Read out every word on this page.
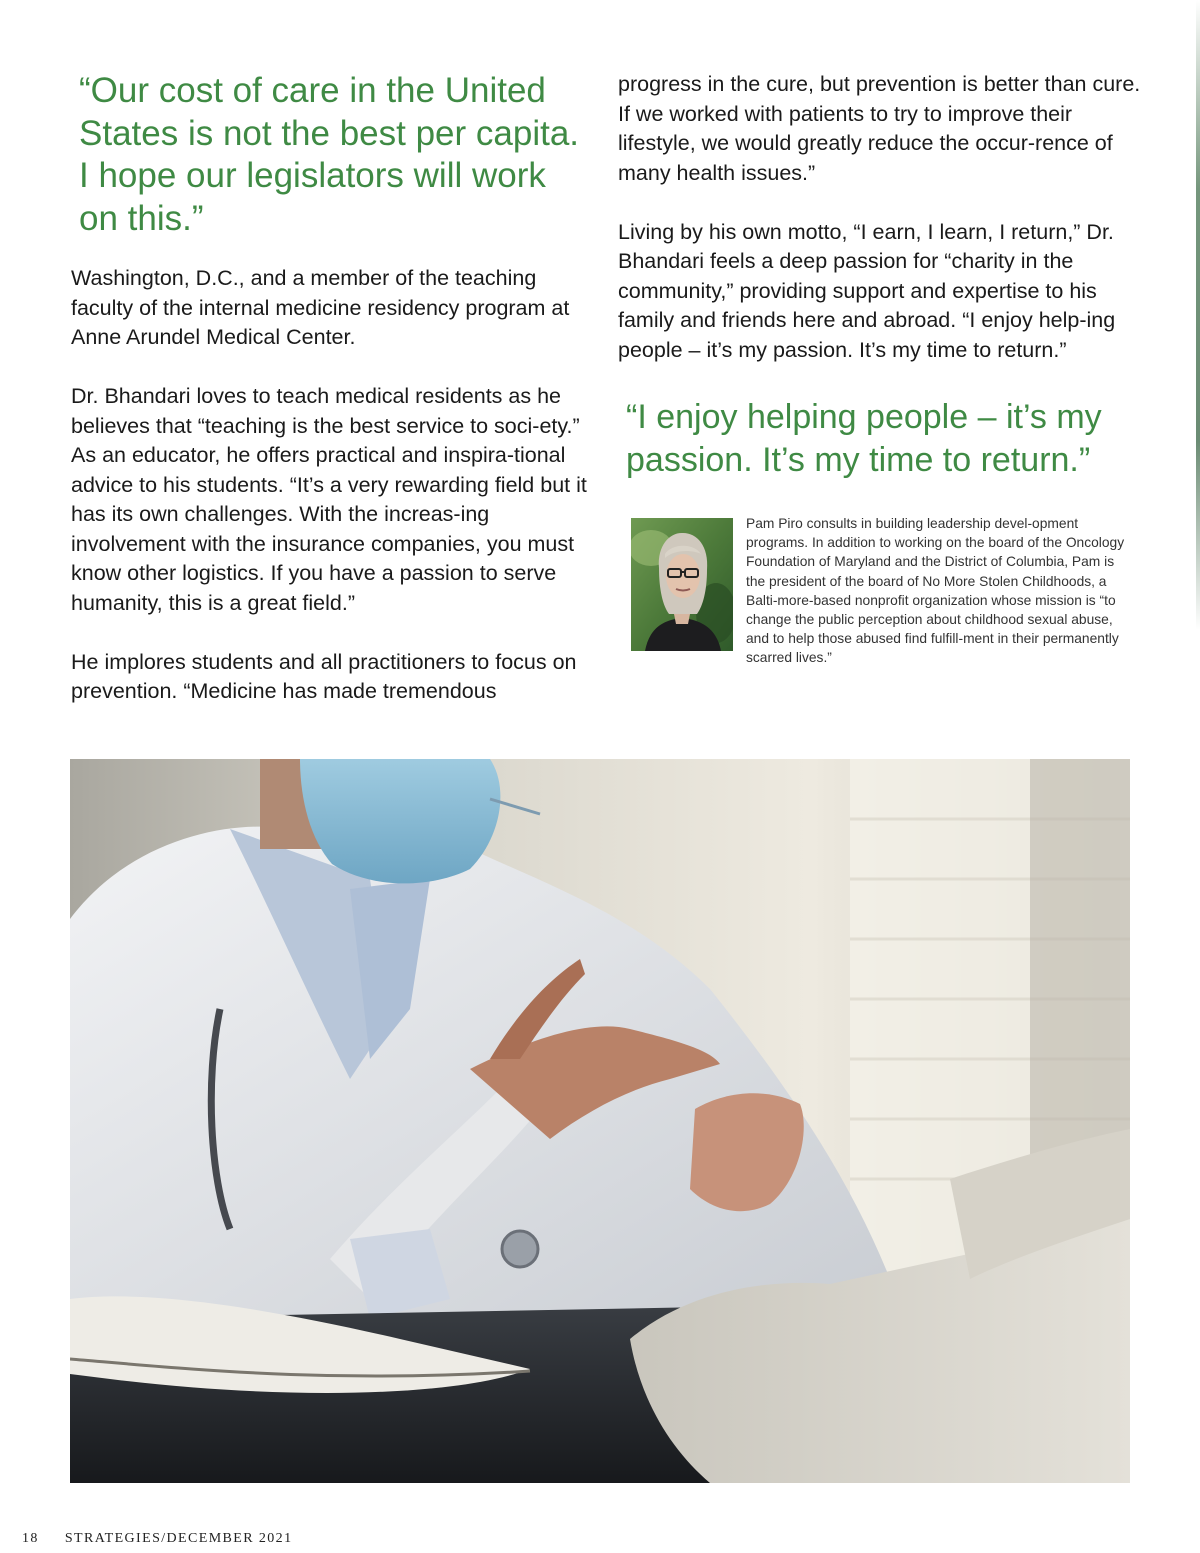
“Our cost of care in the United States is not the best per capita. I hope our legislators will work on this.”

Washington, D.C., and a member of the teaching faculty of the internal medicine residency program at Anne Arundel Medical Center.

Dr. Bhandari loves to teach medical residents as he believes that “teaching is the best service to soci-ety.” As an educator, he offers practical and inspira-tional advice to his students. “It’s a very rewarding field but it has its own challenges. With the increas-ing involvement with the insurance companies, you must know other logistics. If you have a passion to serve humanity, this is a great field.”

He implores students and all practitioners to focus on prevention. “Medicine has made tremendous

progress in the cure, but prevention is better than cure. If we worked with patients to try to improve their lifestyle, we would greatly reduce the occur-rence of many health issues.”

Living by his own motto, “I earn, I learn, I return,” Dr. Bhandari feels a deep passion for “charity in the community,” providing support and expertise to his family and friends here and abroad. “I enjoy help-ing people – it’s my passion. It’s my time to return.”

“I enjoy helping people – it’s my passion. It’s my time to return.”

Pam Piro consults in building leadership devel-opment programs. In addition to working on the board of the Oncology Foundation of Maryland and the District of Columbia, Pam is the president of the board of No More Stolen Childhoods, a Balti-more-based nonprofit organization whose mission is “to change the public perception about childhood sexual abuse, and to help those abused find fulfill-ment in their permanently scarred lives.”
18 STRATEGIES/DECEMBER 2021
